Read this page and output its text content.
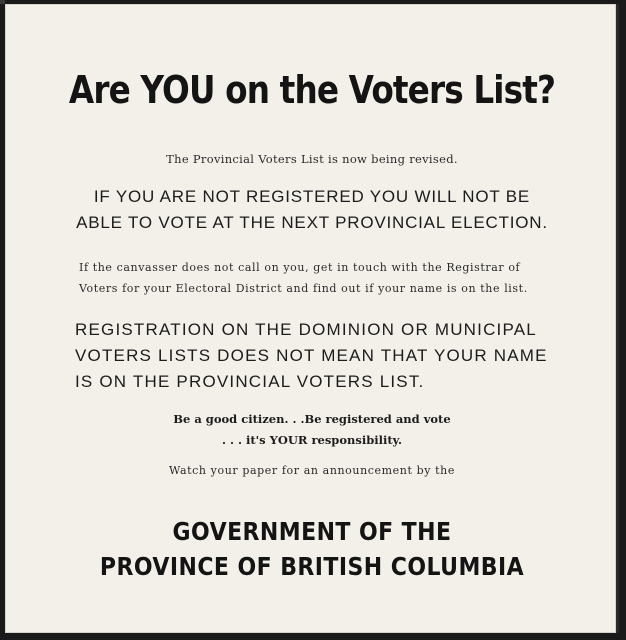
Are YOU on the Voters List?
The Provincial Voters List is now being revised.
IF YOU ARE NOT REGISTERED YOU WILL NOT BE
ABLE TO VOTE AT THE NEXT PROVINCIAL ELECTION.
If the canvasser does not call on you, get in touch with the Registrar of
Voters for your Electoral District and find out if your name is on the list.
REGISTRATION ON THE DOMINION OR MUNICIPAL
VOTERS LISTS DOES NOT MEAN THAT YOUR NAME
IS ON THE PROVINCIAL VOTERS LIST.
Be a good citizen. . .Be registered and vote
. . . it's YOUR responsibility.
Watch your paper for an announcement by the
GOVERNMENT OF THE
PROVINCE OF BRITISH COLUMBIA
